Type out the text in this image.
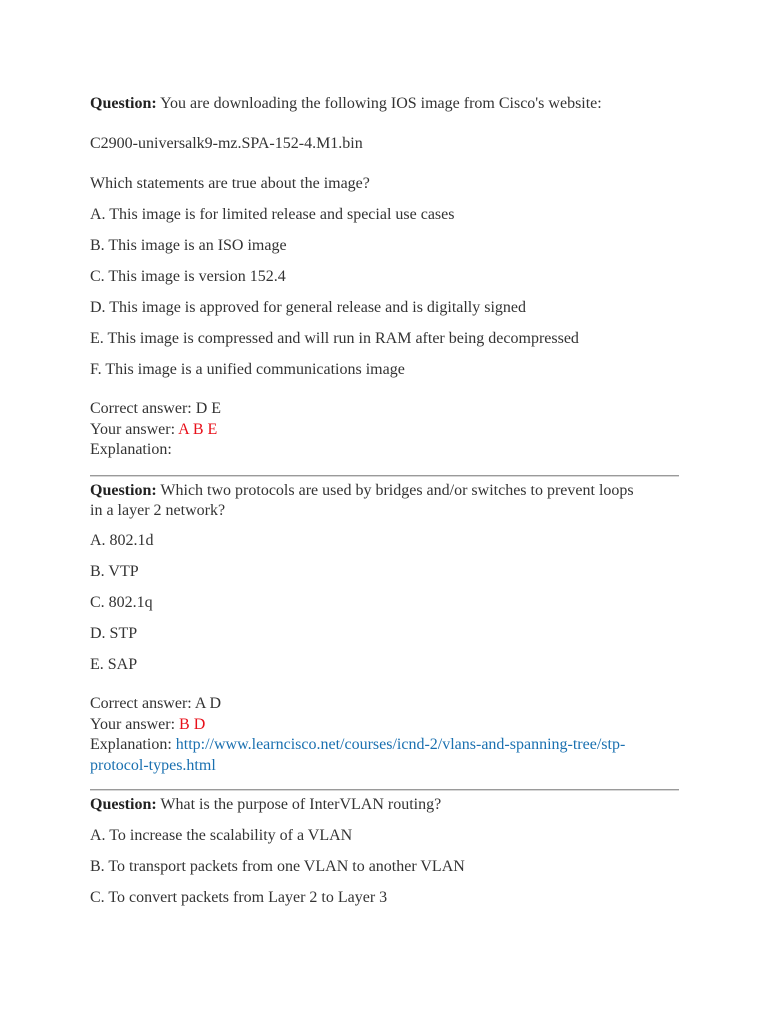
Question: You are downloading the following IOS image from Cisco's website:

C2900-universalk9-mz.SPA-152-4.M1.bin
Which statements are true about the image?
A. This image is for limited release and special use cases
B. This image is an ISO image
C. This image is version 152.4
D. This image is approved for general release and is digitally signed
E. This image is compressed and will run in RAM after being decompressed
F. This image is a unified communications image
Correct answer: D E
Your answer: A B E
Explanation:

Question: Which two protocols are used by bridges and/or switches to prevent loops
in a layer 2 network?

A. 802.1d
B. VTP
C. 802.1q
D. STP
E. SAP
Correct answer: A D
Your answer: B D
Explanation: http://www.learncisco.net/courses/icnd-2/vlans-and-spanning-tree/stp-
protocol-types.html

Question: What is the purpose of InterVLAN routing?

A. To increase the scalability of a VLAN
B. To transport packets from one VLAN to another VLAN
C. To convert packets from Layer 2 to Layer 3
